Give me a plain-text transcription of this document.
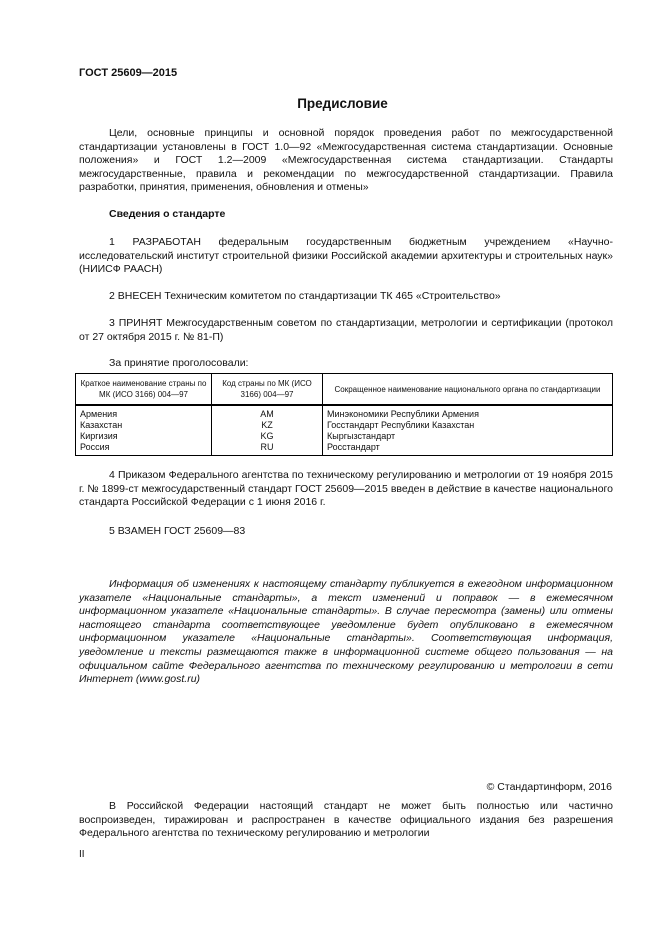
ГОСТ 25609—2015
Предисловие
Цели, основные принципы и основной порядок проведения работ по межгосударственной стандартизации установлены в ГОСТ 1.0—92 «Межгосударственная система стандартизации. Основные положения» и ГОСТ 1.2—2009 «Межгосударственная система стандартизации. Стандарты межгосударственные, правила и рекомендации по межгосударственной стандартизации. Правила разработки, принятия, применения, обновления и отмены»
Сведения о стандарте
1 РАЗРАБОТАН федеральным государственным бюджетным учреждением «Научно-исследовательский институт строительной физики Российской академии архитектуры и строительных наук» (НИИСФ РААСН)
2 ВНЕСЕН Техническим комитетом по стандартизации ТК 465 «Строительство»
3 ПРИНЯТ Межгосударственным советом по стандартизации, метрологии и сертификации (протокол от 27 октября 2015 г. № 81-П)
За принятие проголосовали:
Краткое наименование страны по МК (ИСО 3166) 004—97	Код страны по МК (ИСО 3166) 004—97	Сокращенное наименование национального органа по стандартизации
Армения	AM	Минэкономики Республики Армения
Казахстан	KZ	Госстандарт Республики Казахстан
Киргизия	KG	Кыргызстандарт
Россия	RU	Росстандарт
4 Приказом Федерального агентства по техническому регулированию и метрологии от 19 ноября 2015 г. № 1899-ст межгосударственный стандарт ГОСТ 25609—2015 введен в действие в качестве национального стандарта Российской Федерации с 1 июня 2016 г.
5 ВЗАМЕН ГОСТ 25609—83
Информация об изменениях к настоящему стандарту публикуется в ежегодном информационном указателе «Национальные стандарты», а текст изменений и поправок — в ежемесячном информационном указателе «Национальные стандарты». В случае пересмотра (замены) или отмены настоящего стандарта соответствующее уведомление будет опубликовано в ежемесячном информационном указателе «Национальные стандарты». Соответствующая информация, уведомление и тексты размещаются также в информационной системе общего пользования — на официальном сайте Федерального агентства по техническому регулированию и метрологии в сети Интернет (www.gost.ru)
© Стандартинформ, 2016
В Российской Федерации настоящий стандарт не может быть полностью или частично воспроизведен, тиражирован и распространен в качестве официального издания без разрешения Федерального агентства по техническому регулированию и метрологии
II
